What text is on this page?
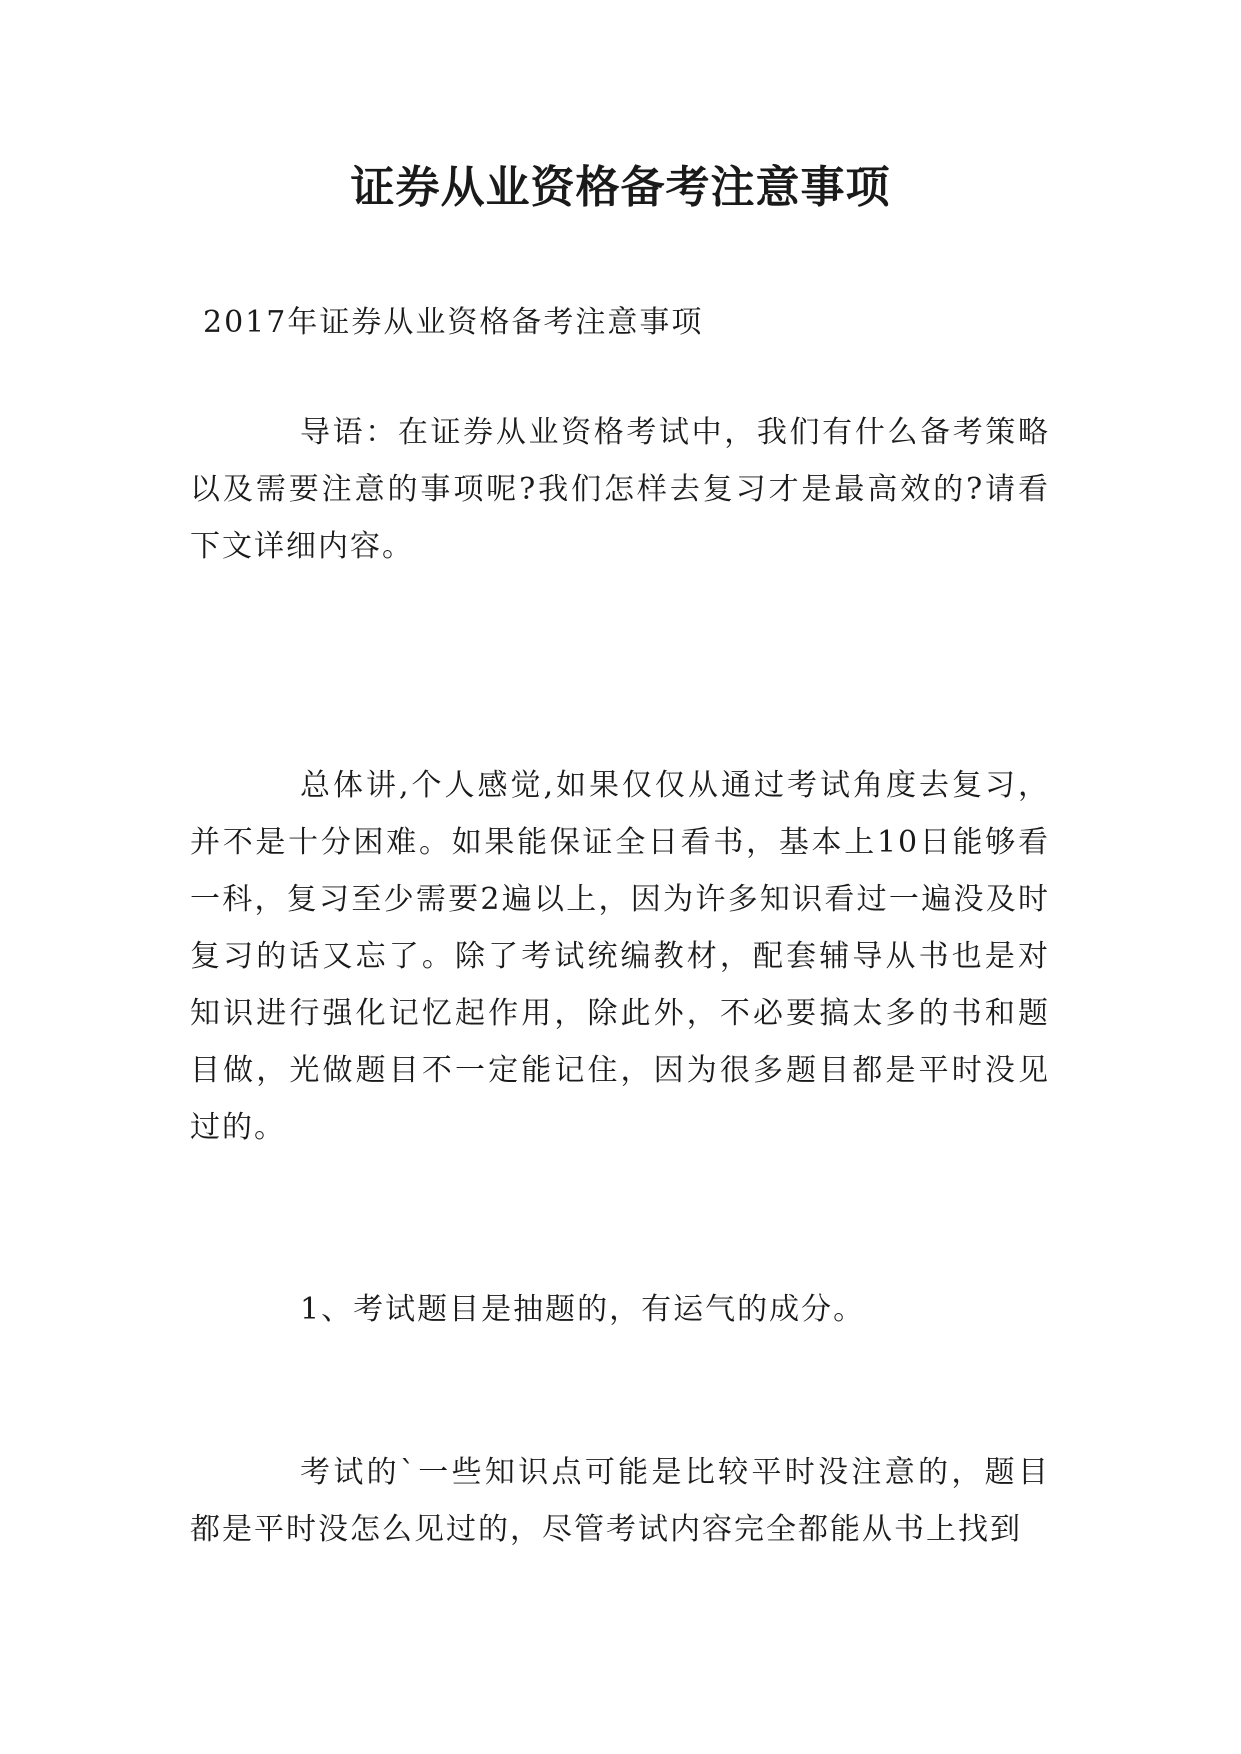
证券从业资格备考注意事项

2017年证券从业资格备考注意事项

导语：在证券从业资格考试中，我们有什么备考策略以及需要注意的事项呢?我们怎样去复习才是最高效的?请看下文详细内容。

总体讲,个人感觉,如果仅仅从通过考试角度去复习，并不是十分困难。如果能保证全日看书，基本上10日能够看一科，复习至少需要2遍以上，因为许多知识看过一遍没及时复习的话又忘了。除了考试统编教材，配套辅导从书也是对知识进行强化记忆起作用，除此外，不必要搞太多的书和题目做，光做题目不一定能记住，因为很多题目都是平时没见过的。

1、考试题目是抽题的，有运气的成分。

考试的`一些知识点可能是比较平时没注意的，题目都是平时没怎么见过的，尽管考试内容完全都能从书上找到
